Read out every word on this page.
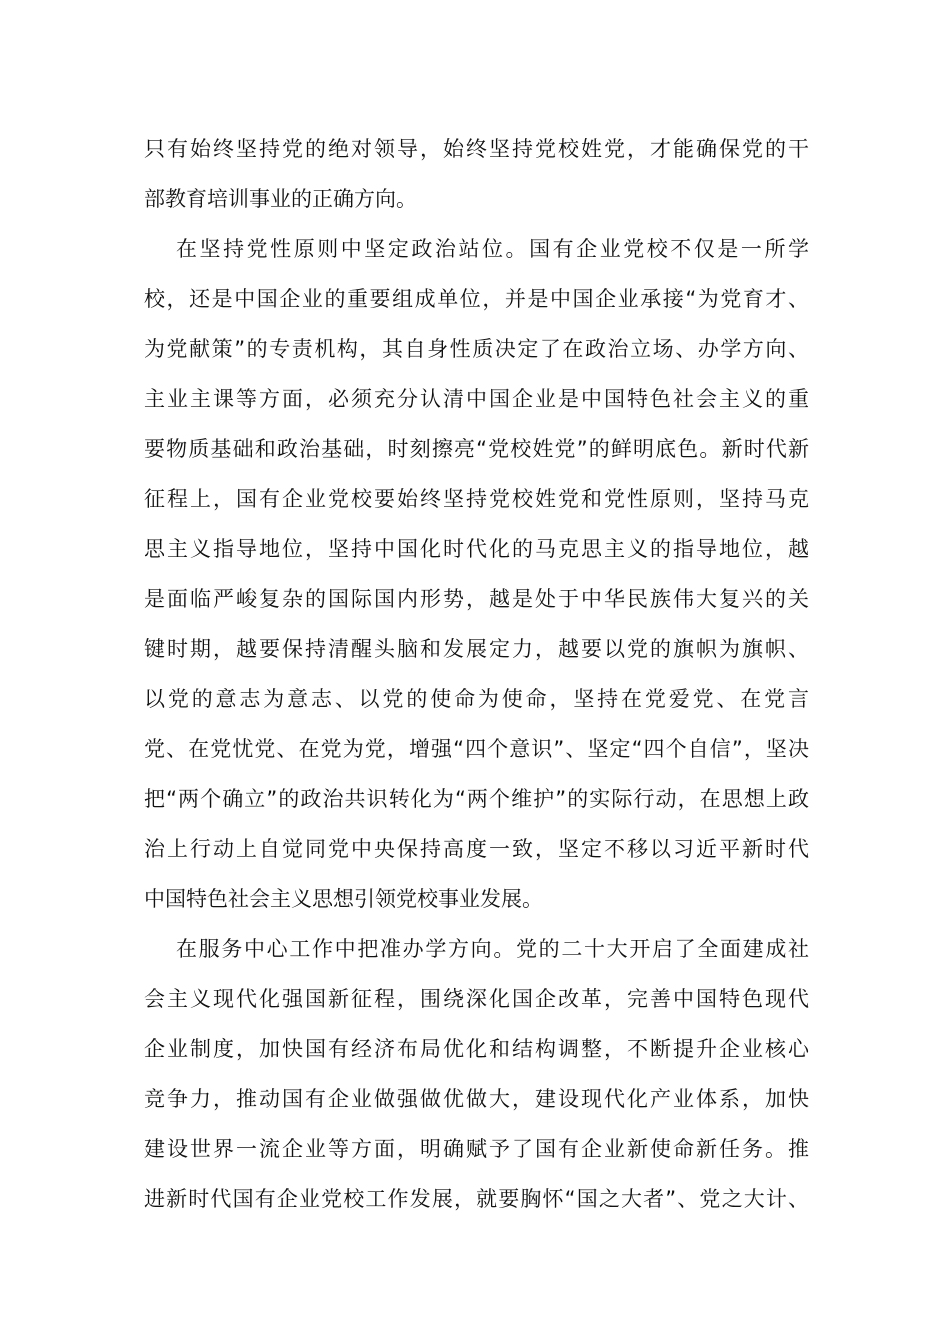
只有始终坚持党的绝对领导，始终坚持党校姓党，才能确保党的干
部教育培训事业的正确方向。
在坚持党性原则中坚定政治站位。国有企业党校不仅是一所学
校，还是中国企业的重要组成单位，并是中国企业承接“为党育才、
为党献策”的专责机构，其自身性质决定了在政治立场、办学方向、
主业主课等方面，必须充分认清中国企业是中国特色社会主义的重
要物质基础和政治基础，时刻擦亮“党校姓党”的鲜明底色。新时代新
征程上，国有企业党校要始终坚持党校姓党和党性原则，坚持马克
思主义指导地位，坚持中国化时代化的马克思主义的指导地位，越
是面临严峻复杂的国际国内形势，越是处于中华民族伟大复兴的关
键时期，越要保持清醒头脑和发展定力，越要以党的旗帜为旗帜、
以党的意志为意志、以党的使命为使命，坚持在党爱党、在党言
党、在党忧党、在党为党，增强“四个意识”、坚定“四个自信”，坚决
把“两个确立”的政治共识转化为“两个维护”的实际行动，在思想上政
治上行动上自觉同党中央保持高度一致，坚定不移以习近平新时代
中国特色社会主义思想引领党校事业发展。
在服务中心工作中把准办学方向。党的二十大开启了全面建成社
会主义现代化强国新征程，围绕深化国企改革，完善中国特色现代
企业制度，加快国有经济布局优化和结构调整，不断提升企业核心
竞争力，推动国有企业做强做优做大，建设现代化产业体系，加快
建设世界一流企业等方面，明确赋予了国有企业新使命新任务。推
进新时代国有企业党校工作发展，就要胸怀“国之大者”、党之大计、
